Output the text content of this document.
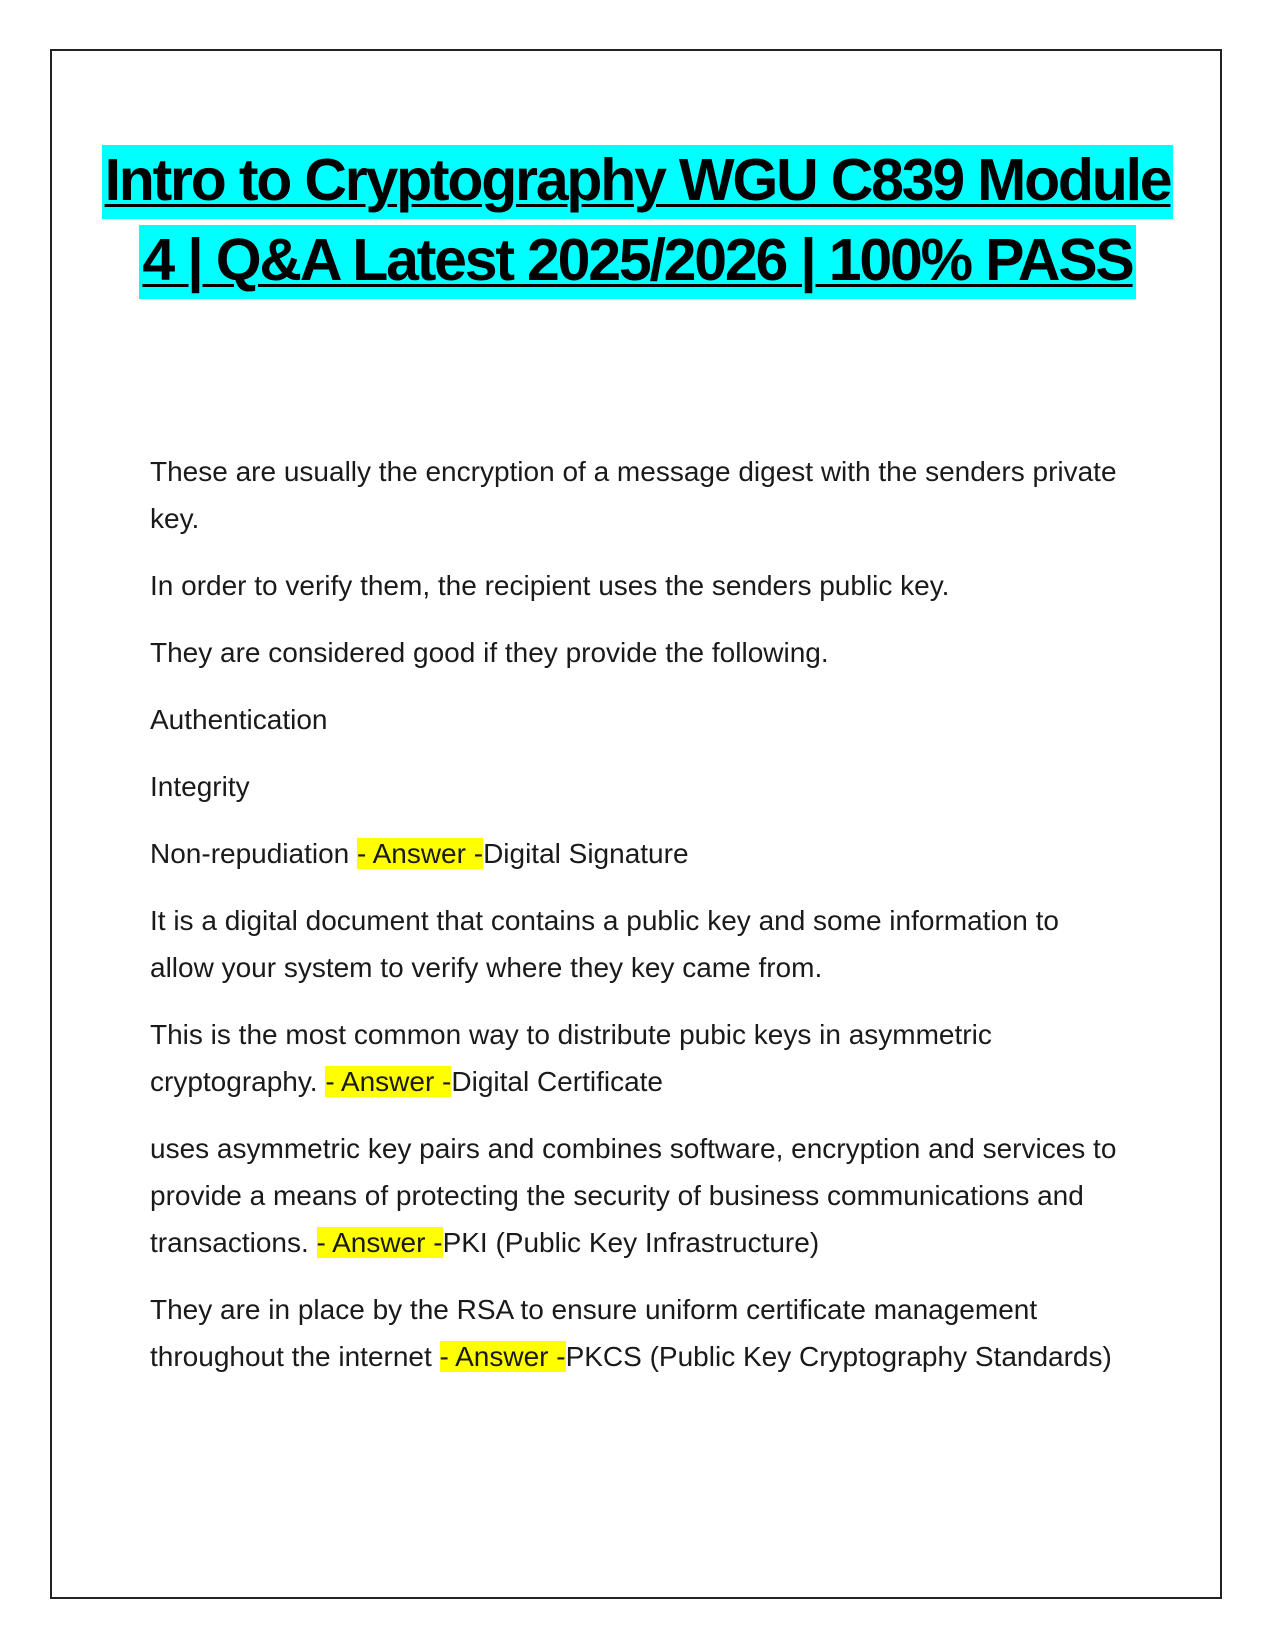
Intro to Cryptography WGU C839 Module 4 | Q&A Latest 2025/2026 | 100% PASS

These are usually the encryption of a message digest with the senders private key.

In order to verify them, the recipient uses the senders public key.

They are considered good if they provide the following.

Authentication

Integrity

Non-repudiation - Answer -Digital Signature

It is a digital document that contains a public key and some information to allow your system to verify where they key came from.

This is the most common way to distribute pubic keys in asymmetric cryptography. - Answer -Digital Certificate

uses asymmetric key pairs and combines software, encryption and services to provide a means of protecting the security of business communications and transactions. - Answer -PKI (Public Key Infrastructure)

They are in place by the RSA to ensure uniform certificate management throughout the internet - Answer -PKCS (Public Key Cryptography Standards)
